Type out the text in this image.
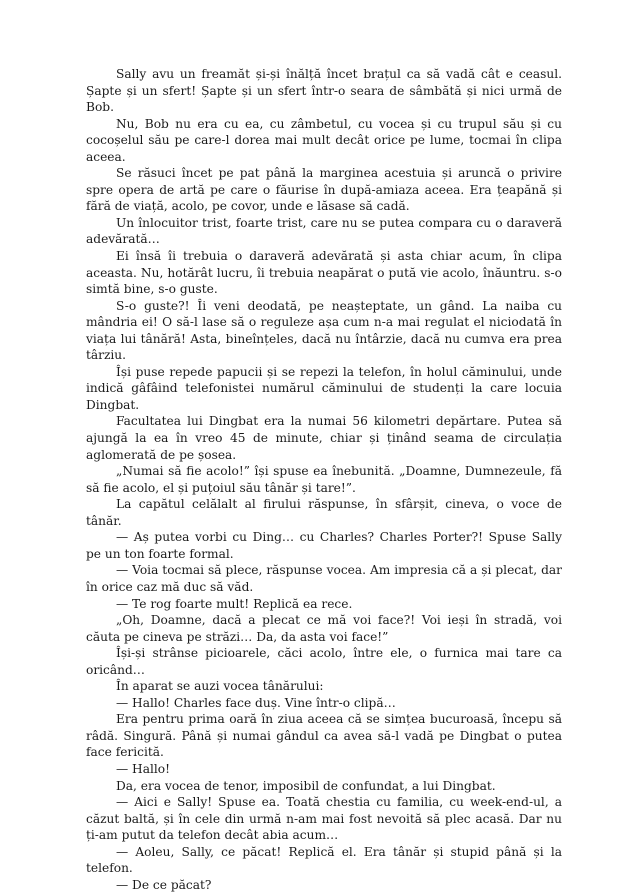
Sally avu un freamăt și-și înălță încet brațul ca să vadă cât e ceasul. Șapte și un sfert! Șapte și un sfert într-o seara de sâmbătă și nici urmă de Bob.

Nu, Bob nu era cu ea, cu zâmbetul, cu vocea și cu trupul său și cu cocoșelul său pe care-l dorea mai mult decât orice pe lume, tocmai în clipa aceea.

Se răsuci încet pe pat până la marginea acestuia și aruncă o privire spre opera de artă pe care o făurise în după-amiaza aceea. Era țeapănă și fără de viață, acolo, pe covor, unde e lăsase să cadă.

Un înlocuitor trist, foarte trist, care nu se putea compara cu o daraveră adevărată…

Ei însă îi trebuia o daraveră adevărată și asta chiar acum, în clipa aceasta. Nu, hotărât lucru, îi trebuia neapărat o pută vie acolo, înăuntru. s-o simtă bine, s-o guste.

S-o guste?! Îi veni deodată, pe neașteptate, un gând. La naiba cu mândria ei! O să-l lase să o reguleze așa cum n-a mai regulat el niciodată în viața lui tânără! Asta, bineînțeles, dacă nu întârzie, dacă nu cumva era prea târziu.

Își puse repede papucii și se repezi la telefon, în holul căminului, unde indică gâfâind telefonistei numărul căminului de studenți la care locuia Dingbat.

Facultatea lui Dingbat era la numai 56 kilometri depărtare. Putea să ajungă la ea în vreo 45 de minute, chiar și ținând seama de circulația aglomerată de pe șosea.

„Numai să fie acolo!” își spuse ea înebunită. „Doamne, Dumnezeule, fă să fie acolo, el și puțoiul său tânăr și tare!”.

La capătul celălalt al firului răspunse, în sfârșit, cineva, o voce de tânăr.

— Aș putea vorbi cu Ding… cu Charles? Charles Porter?! Spuse Sally pe un ton foarte formal.

— Voia tocmai să plece, răspunse vocea. Am impresia că a și plecat, dar în orice caz mă duc să văd.

— Te rog foarte mult! Replică ea rece.

„Oh, Doamne, dacă a plecat ce mă voi face?! Voi ieși în stradă, voi căuta pe cineva pe străzi… Da, da asta voi face!”

Își-și strânse picioarele, căci acolo, între ele, o furnica mai tare ca oricând…

În aparat se auzi vocea tânărului:

— Hallo! Charles face duș. Vine într-o clipă…

Era pentru prima oară în ziua aceea că se simțea bucuroasă, începu să râdă. Singură. Până și numai gândul ca avea să-l vadă pe Dingbat o putea face fericită.

— Hallo!

Da, era vocea de tenor, imposibil de confundat, a lui Dingbat.

— Aici e Sally! Spuse ea. Toată chestia cu familia, cu week-end-ul, a căzut baltă, și în cele din urmă n-am mai fost nevoită să plec acasă. Dar nu ți-am putut da telefon decât abia acum…

— Aoleu, Sally, ce păcat! Replică el. Era tânăr și stupid până și la telefon.

— De ce păcat?
